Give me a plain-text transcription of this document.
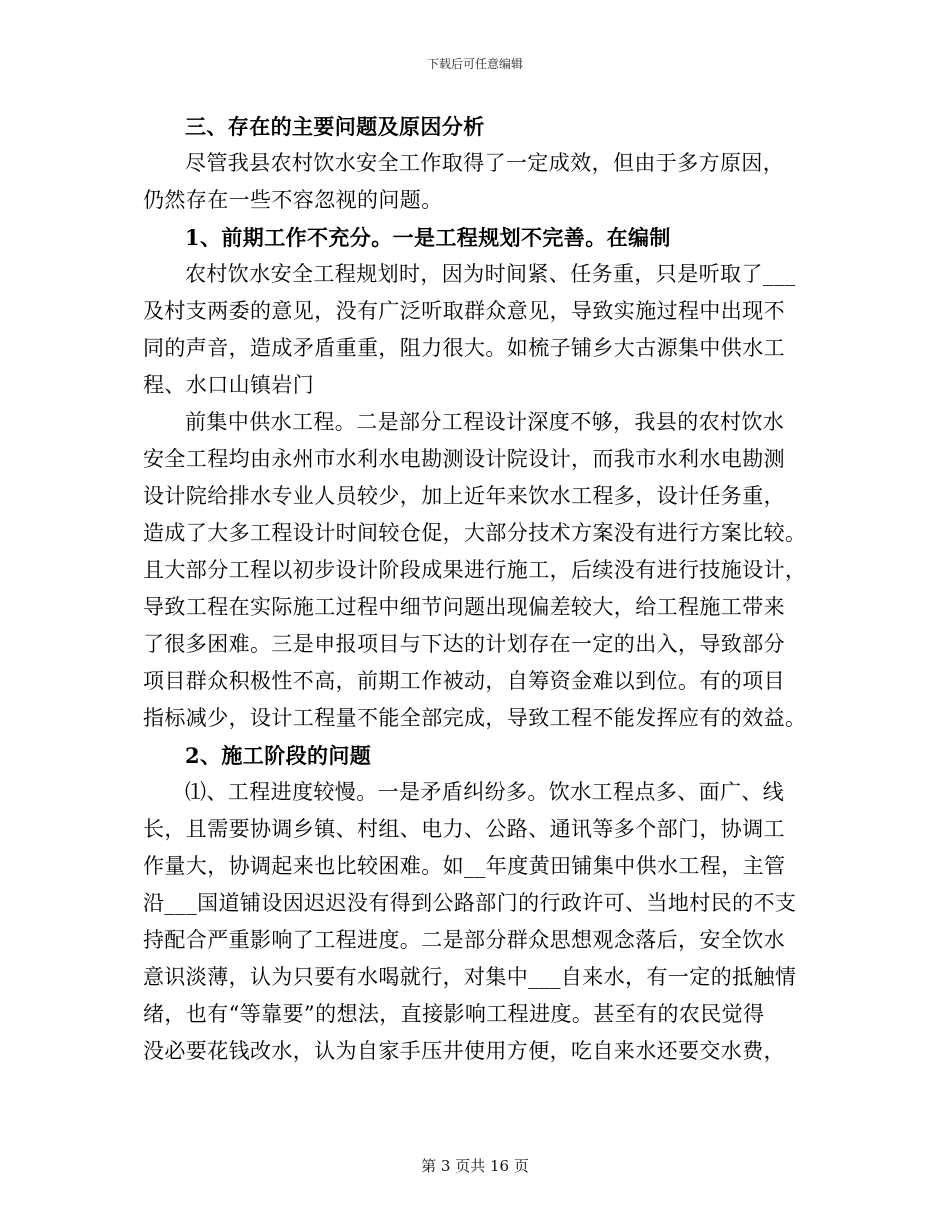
下载后可任意编辑
三、存在的主要问题及原因分析
尽管我县农村饮水安全工作取得了一定成效，但由于多方原因，
仍然存在一些不容忽视的问题。
1、前期工作不充分。一是工程规划不完善。在编制
农村饮水安全工程规划时，因为时间紧、任务重，只是听取了___
及村支两委的意见，没有广泛听取群众意见，导致实施过程中出现不
同的声音，造成矛盾重重，阻力很大。如梳子铺乡大古源集中供水工
程、水口山镇岩门
前集中供水工程。二是部分工程设计深度不够，我县的农村饮水
安全工程均由永州市水利水电勘测设计院设计，而我市水利水电勘测
设计院给排水专业人员较少，加上近年来饮水工程多，设计任务重，
造成了大多工程设计时间较仓促，大部分技术方案没有进行方案比较。
且大部分工程以初步设计阶段成果进行施工，后续没有进行技施设计，
导致工程在实际施工过程中细节问题出现偏差较大，给工程施工带来
了很多困难。三是申报项目与下达的计划存在一定的出入，导致部分
项目群众积极性不高，前期工作被动，自筹资金难以到位。有的项目
指标减少，设计工程量不能全部完成，导致工程不能发挥应有的效益。
2、施工阶段的问题
⑴、工程进度较慢。一是矛盾纠纷多。饮水工程点多、面广、线
长，且需要协调乡镇、村组、电力、公路、通讯等多个部门，协调工
作量大，协调起来也比较困难。如__年度黄田铺集中供水工程，主管
沿___国道铺设因迟迟没有得到公路部门的行政许可、当地村民的不支
持配合严重影响了工程进度。二是部分群众思想观念落后，安全饮水
意识淡薄，认为只要有水喝就行，对集中___自来水，有一定的抵触情
绪，也有“等靠要”的想法，直接影响工程进度。甚至有的农民觉得
没必要花钱改水，认为自家手压井使用方便，吃自来水还要交水费，
第 3 页共 16 页
